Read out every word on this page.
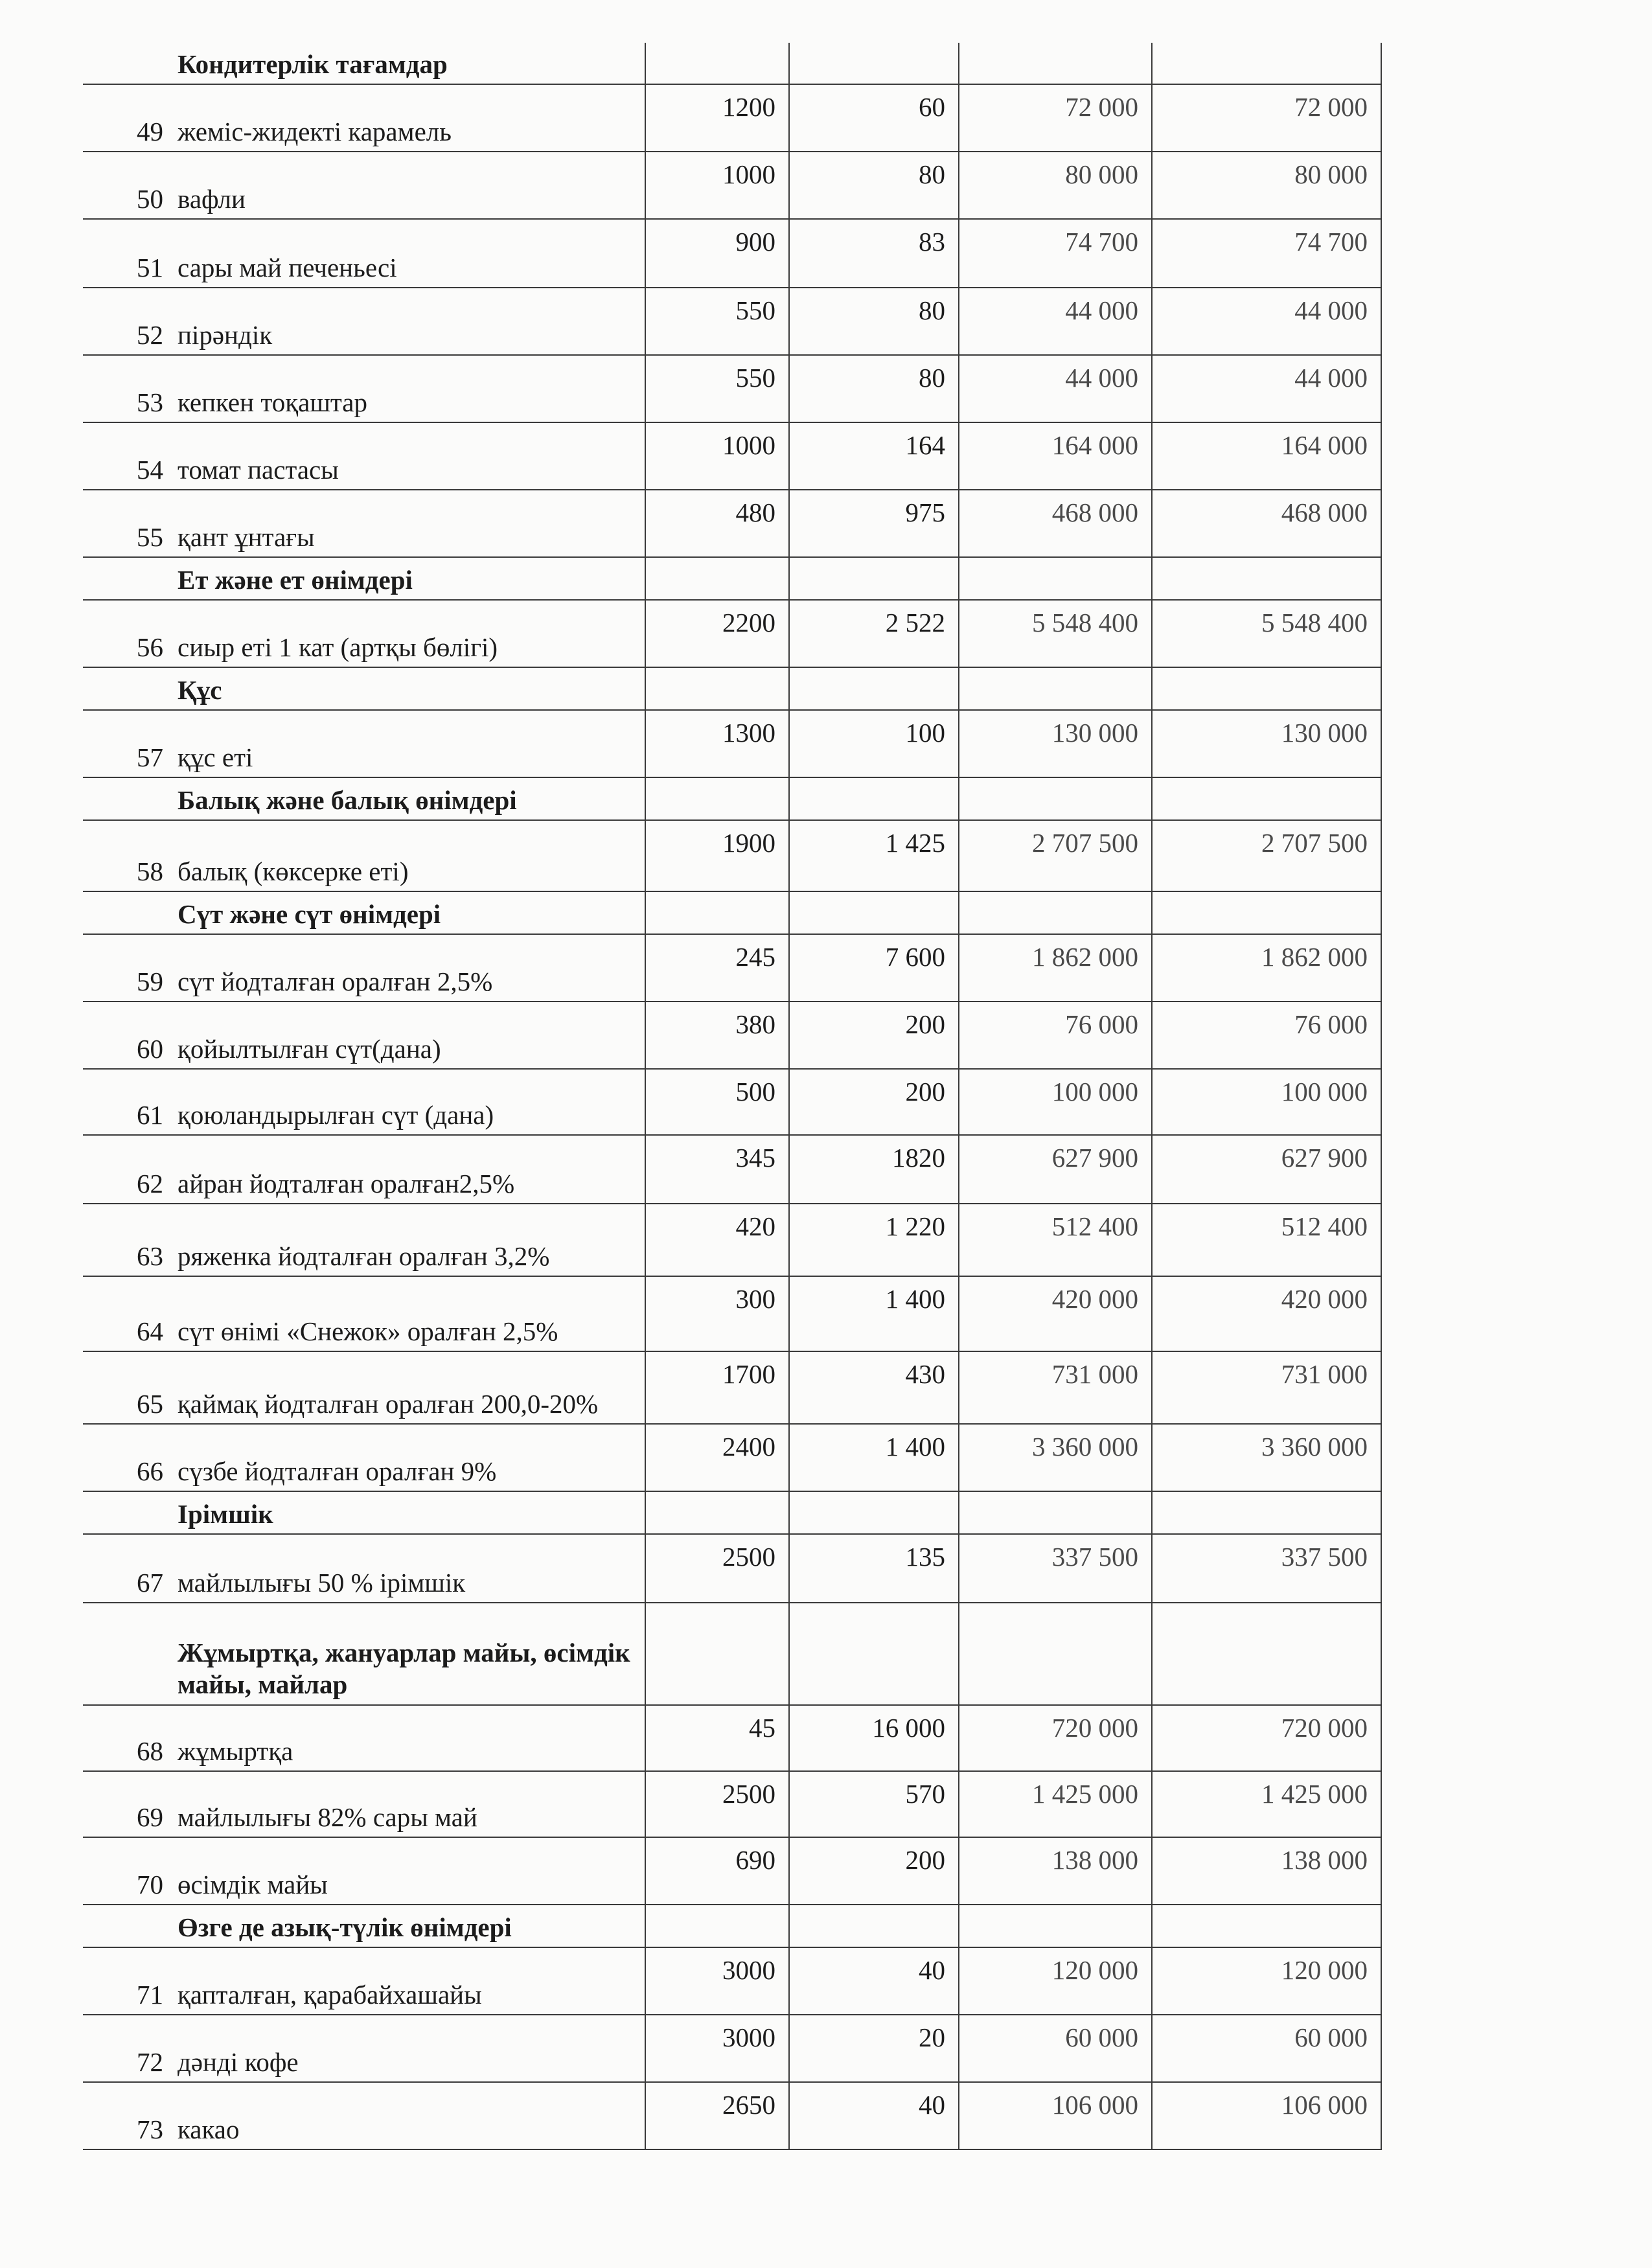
	Кондитерлік тағамдар				
49	жеміс-жидекті карамель	1200	60	72 000	72 000
50	вафли	1000	80	80 000	80 000
51	сары май печеньесі	900	83	74 700	74 700
52	пірәндік	550	80	44 000	44 000
53	кепкен тоқаштар	550	80	44 000	44 000
54	томат пастасы	1000	164	164 000	164 000
55	қант ұнтағы	480	975	468 000	468 000
	Ет және ет өнімдері				
56	сиыр еті 1 кат (артқы бөлігі)	2200	2 522	5 548 400	5 548 400
	Құс				
57	құс еті	1300	100	130 000	130 000
	Балық және балық өнімдері				
58	балық (көксерке еті)	1900	1 425	2 707 500	2 707 500
	Сүт және сүт өнімдері				
59	сүт йодталған оралған 2,5%	245	7 600	1 862 000	1 862 000
60	қойылтылған сүт(дана)	380	200	76 000	76 000
61	қоюландырылған сүт (дана)	500	200	100 000	100 000
62	айран йодталған оралған2,5%	345	1820	627 900	627 900
63	ряженка йодталған оралған 3,2%	420	1 220	512 400	512 400
64	сүт өнімі «Снежок» оралған 2,5%	300	1 400	420 000	420 000
65	қаймақ йодталған оралған 200,0-20%	1700	430	731 000	731 000
66	сүзбе йодталған оралған 9%	2400	1 400	3 360 000	3 360 000
	Ірімшік				
67	майлылығы 50 % ірімшік	2500	135	337 500	337 500
	Жұмыртқа, жануарлар майы, өсімдік майы, майлар				
68	жұмыртқа	45	16 000	720 000	720 000
69	майлылығы 82% сары май	2500	570	1 425 000	1 425 000
70	өсімдік майы	690	200	138 000	138 000
	Өзге де азық-түлік өнімдері				
71	қапталған, қарабайхашайы	3000	40	120 000	120 000
72	дәнді кофе	3000	20	60 000	60 000
73	какао	2650	40	106 000	106 000
